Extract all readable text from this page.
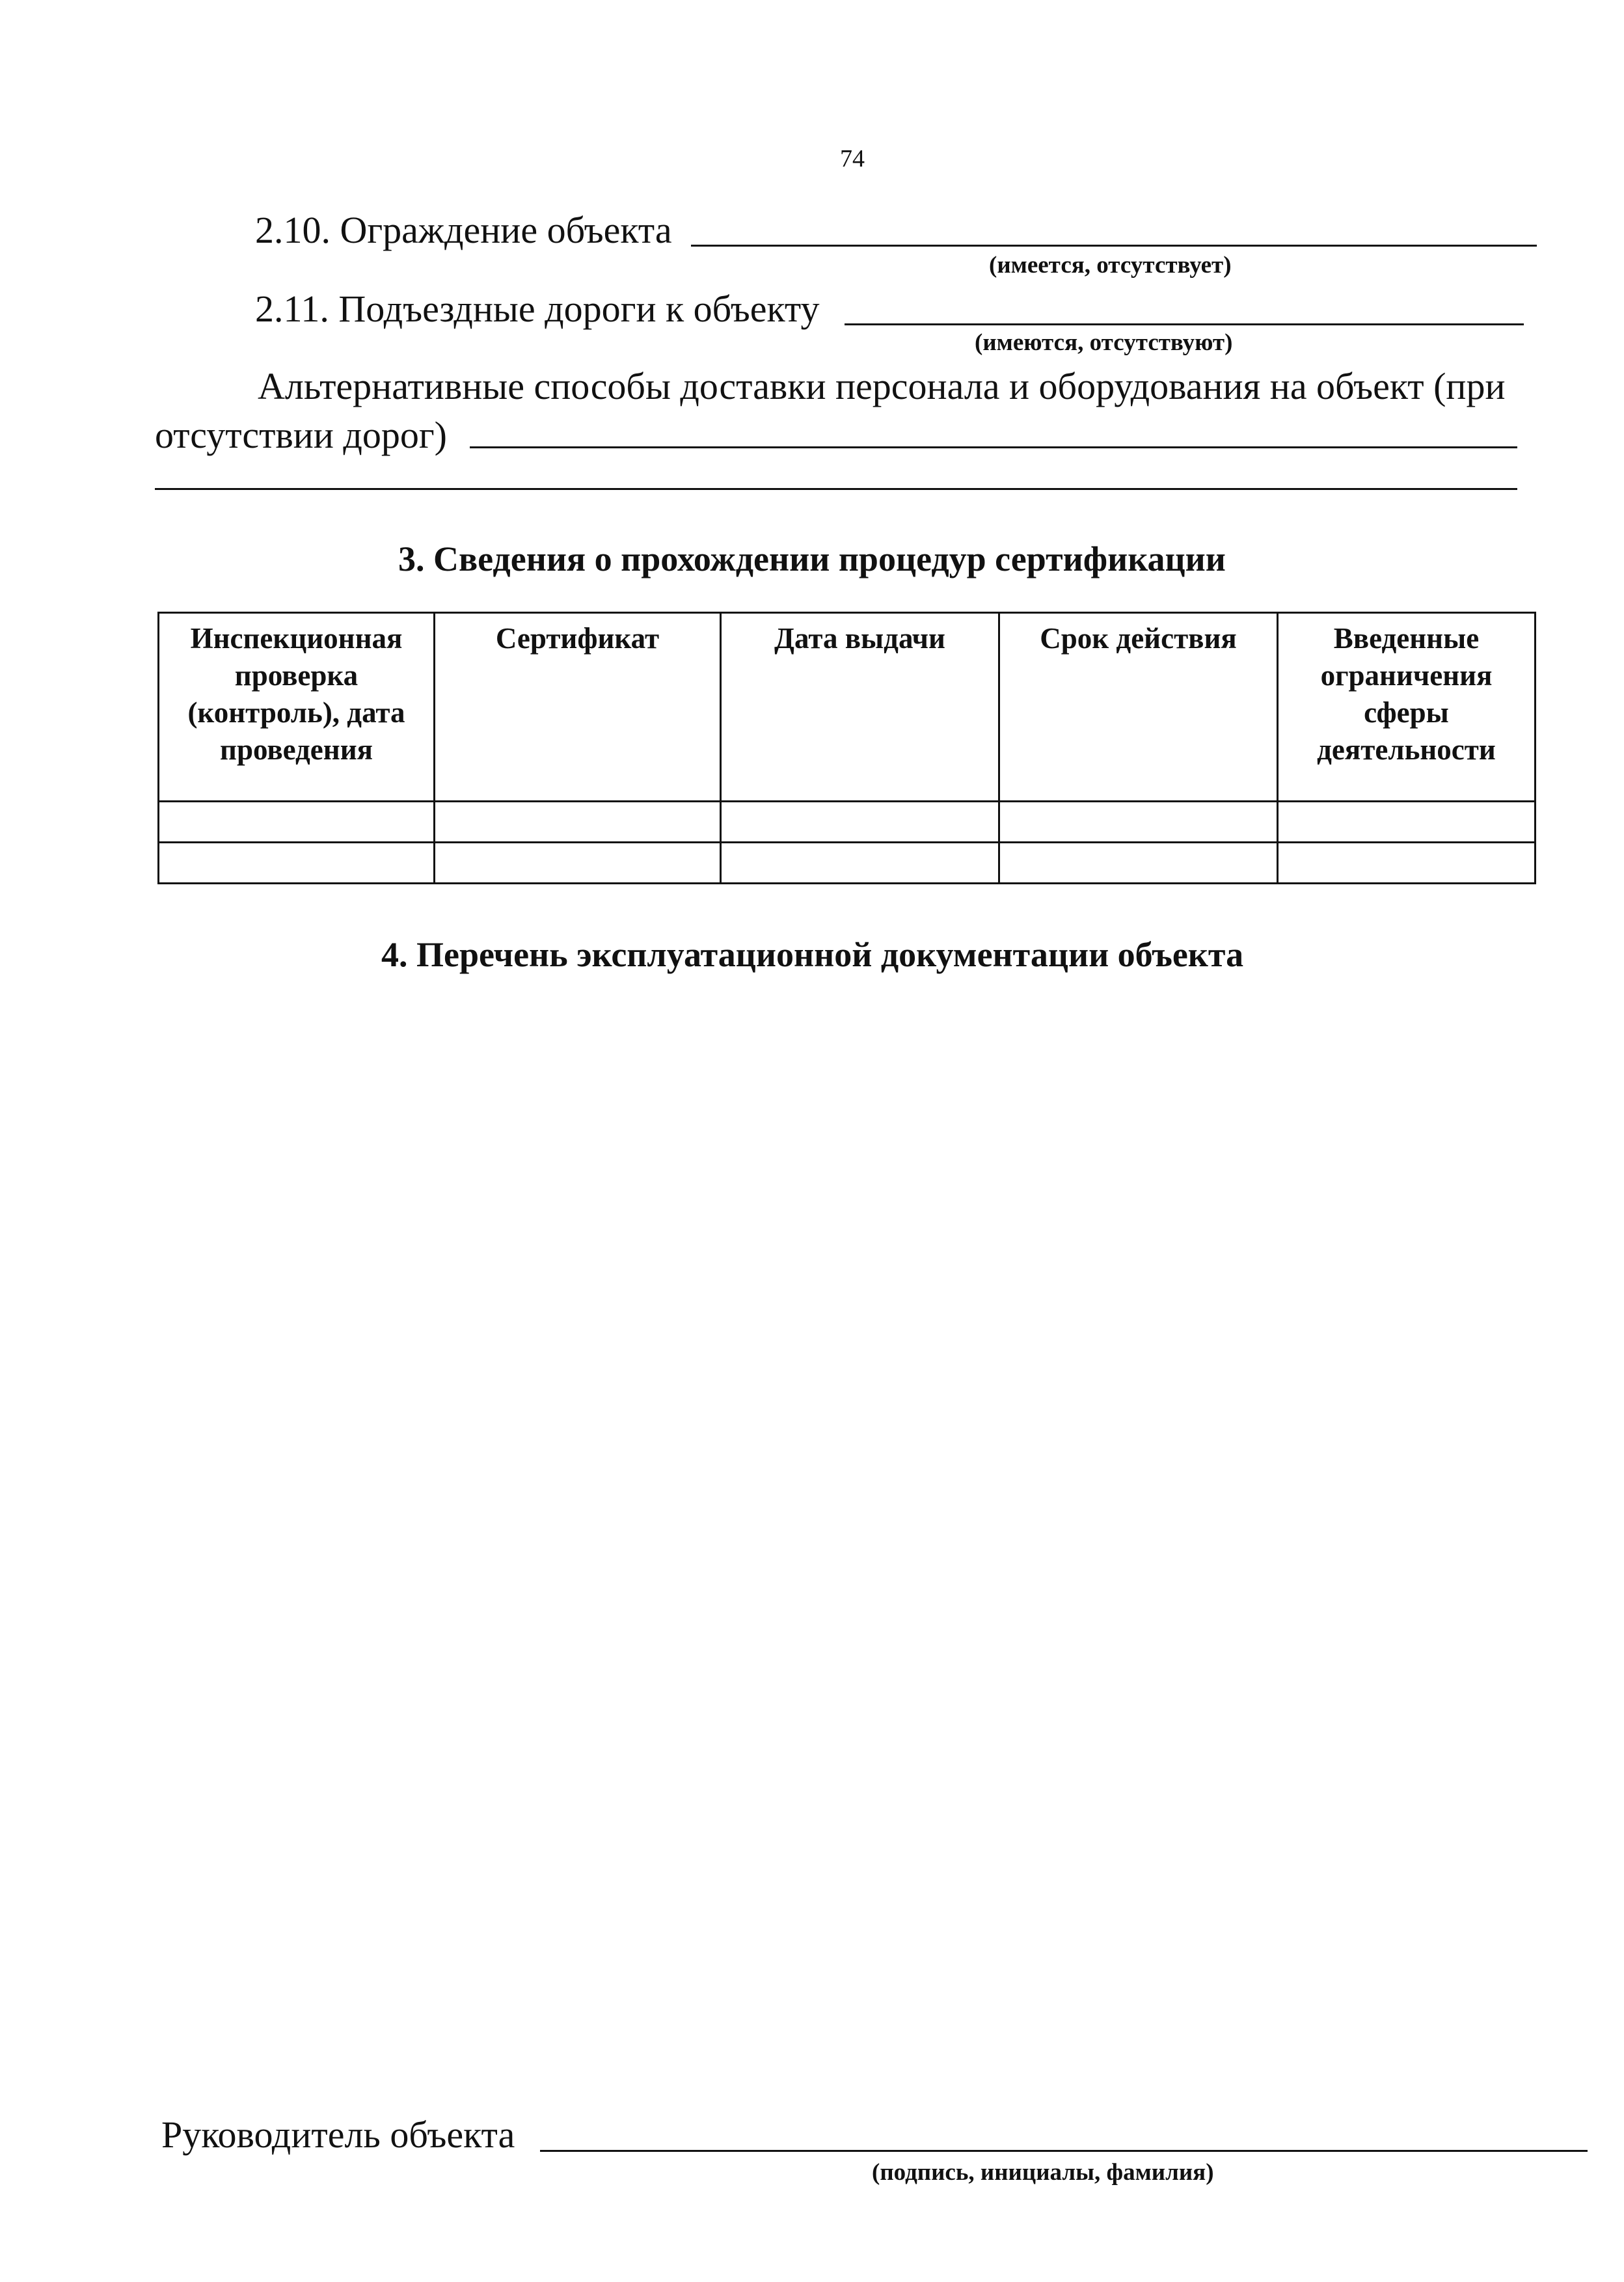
74
2.10. Ограждение объекта
(имеется, отсутствует)
2.11. Подъездные дороги к объекту
(имеются, отсутствуют)
Альтернативные способы доставки персонала и оборудования на объект (при
отсутствии дорог)
3. Сведения о прохождении процедур сертификации
Инспекционная проверка (контроль), дата проведения	Сертификат	Дата выдачи	Срок действия	Введенные ограничения сферы деятельности

4. Перечень эксплуатационной документации объекта
Руководитель объекта
(подпись, инициалы, фамилия)
